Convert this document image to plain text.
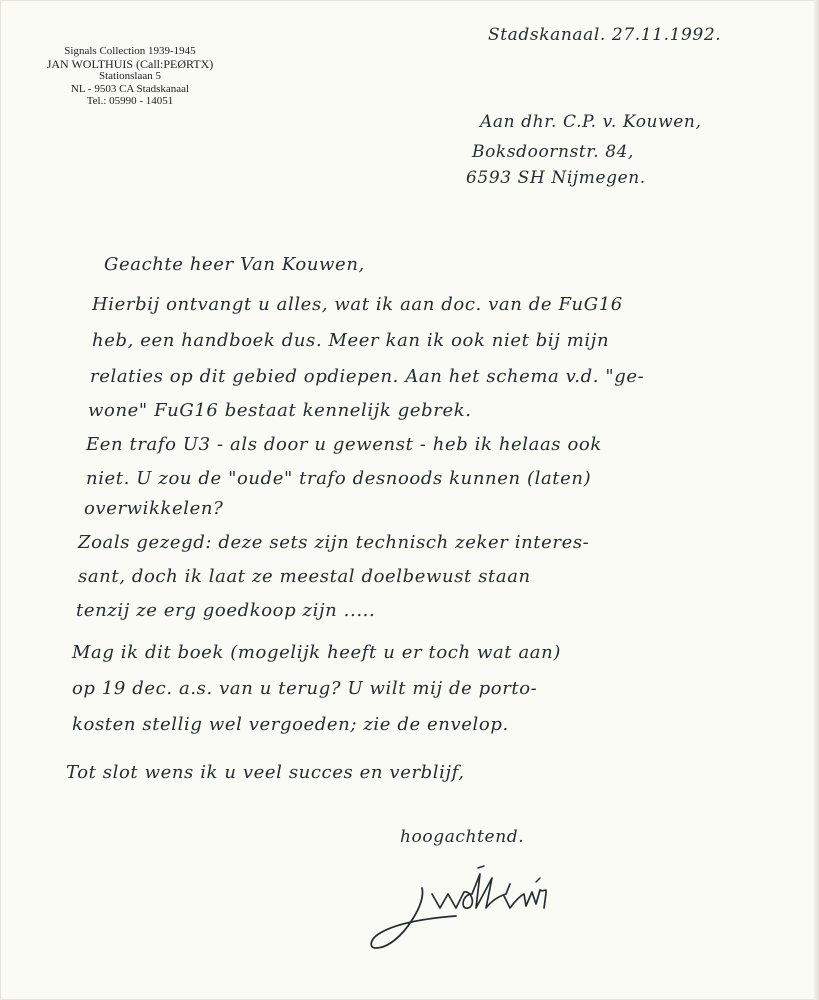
Signals Collection 1939-1945
JAN WOLTHUIS (Call:PEØRTX)
Stationslaan 5
NL - 9503 CA Stadskanaal
Tel.: 05990 - 14051
Stadskanaal. 27.11.1992.
Aan dhr. C.P. v. Kouwen,
Boksdoornstr. 84,
6593 SH Nijmegen.
Geachte heer Van Kouwen,
Hierbij ontvangt u alles, wat ik aan doc. van de FuG16
heb, een handboek dus. Meer kan ik ook niet bij mijn
relaties op dit gebied opdiepen. Aan het schema v.d. "ge-
wone" FuG16 bestaat kennelijk gebrek.
Een trafo U3 - als door u gewenst - heb ik helaas ook
niet. U zou de "oude" trafo desnoods kunnen (laten)
overwikkelen?
Zoals gezegd: deze sets zijn technisch zeker interes-
sant, doch ik laat ze meestal doelbewust staan
tenzij ze erg goedkoop zijn .....
Mag ik dit boek (mogelijk heeft u er toch wat aan)
op 19 dec. a.s. van u terug? U wilt mij de porto-
kosten stellig wel vergoeden; zie de envelop.
Tot slot wens ik u veel succes en verblijf,
hoogachtend.
